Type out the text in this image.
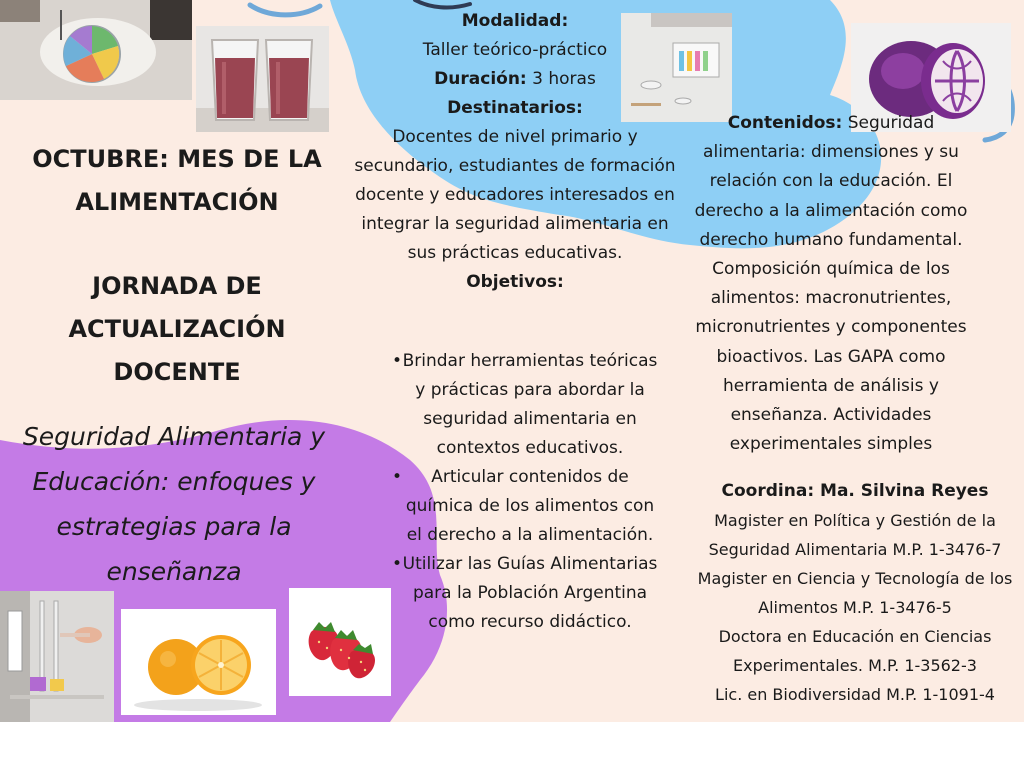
OCTUBRE: MES DE LA ALIMENTACIÓN
JORNADA DE ACTUALIZACIÓN DOCENTE
Seguridad Alimentaria y Educación: enfoques y estrategias para la enseñanza
Modalidad:
Taller teórico-práctico
Duración: 3 horas
Destinatarios:
Docentes de nivel primario y secundario, estudiantes de formación docente y educadores interesados en integrar la seguridad alimentaria en sus prácticas educativas.
Objetivos:
• Brindar herramientas teóricas y prácticas para abordar la seguridad alimentaria en contextos educativos.
• Articular contenidos de química de los alimentos con el derecho a la alimentación.
• Utilizar las Guías Alimentarias para la Población Argentina como recurso didáctico.
Contenidos: Seguridad alimentaria: dimensiones y su relación con la educación. El derecho a la alimentación como derecho humano fundamental. Composición química de los alimentos: macronutrientes, micronutrientes y componentes bioactivos. Las GAPA como herramienta de análisis y enseñanza. Actividades experimentales simples
Coordina: Ma. Silvina Reyes
Magister en Política y Gestión de la Seguridad Alimentaria M.P. 1-3476-7
Magister en Ciencia y Tecnología de los Alimentos M.P. 1-3476-5
Doctora en Educación en Ciencias Experimentales. M.P. 1-3562-3
Lic. en Biodiversidad M.P. 1-1091-4
